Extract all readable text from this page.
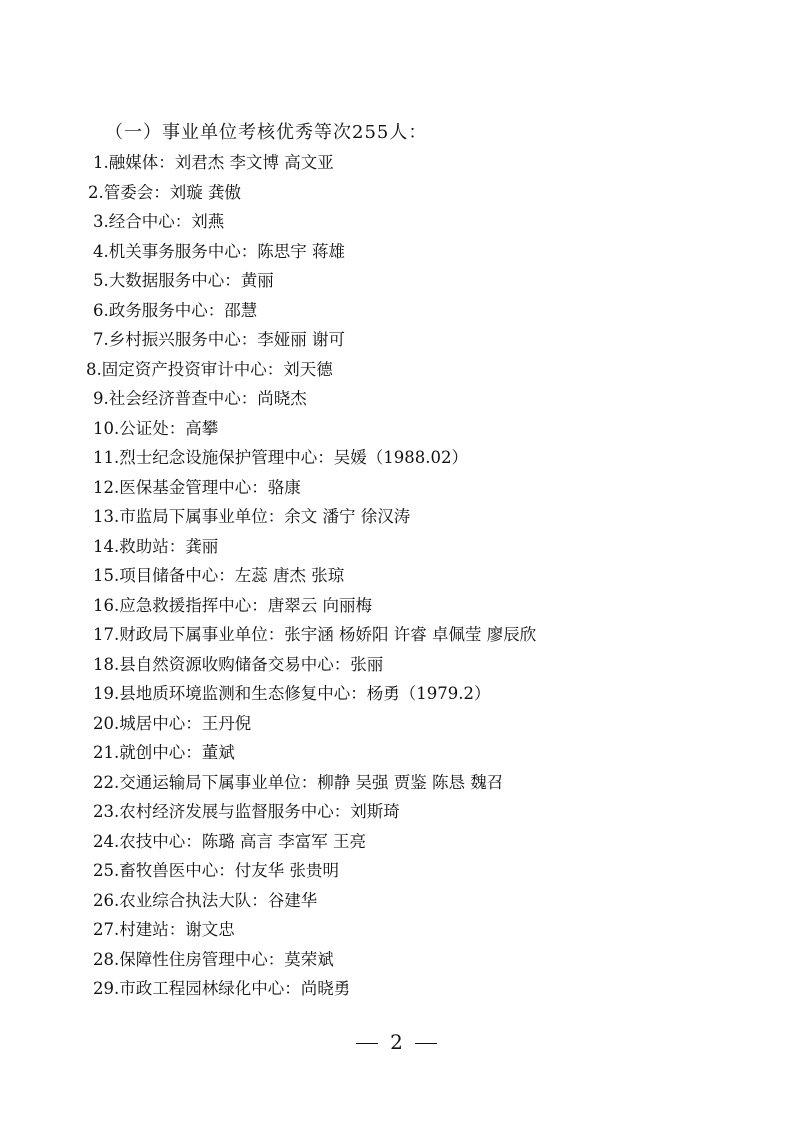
（一）事业单位考核优秀等次255人：
1.融媒体：刘君杰 李文博 高文亚
2.管委会：刘璇 龚傲
3.经合中心：刘燕
4.机关事务服务中心：陈思宇 蒋雄
5.大数据服务中心：黄丽
6.政务服务中心：邵慧
7.乡村振兴服务中心：李娅丽 谢可
8.固定资产投资审计中心：刘天德
9.社会经济普查中心：尚晓杰
10.公证处：高攀
11.烈士纪念设施保护管理中心：吴媛（1988.02）
12.医保基金管理中心：骆康
13.市监局下属事业单位：余文 潘宁 徐汉涛
14.救助站：龚丽
15.项目储备中心：左蕊 唐杰 张琼
16.应急救援指挥中心：唐翠云 向丽梅
17.财政局下属事业单位：张宇涵 杨娇阳 许睿 卓佩莹 廖辰欣
18.县自然资源收购储备交易中心：张丽
19.县地质环境监测和生态修复中心：杨勇（1979.2）
20.城居中心：王丹倪
21.就创中心：董斌
22.交通运输局下属事业单位：柳静 吴强 贾鉴 陈恳 魏召
23.农村经济发展与监督服务中心：刘斯琦
24.农技中心：陈璐 高言 李富军 王亮
25.畜牧兽医中心：付友华 张贵明
26.农业综合执法大队：谷建华
27.村建站：谢文忠
28.保障性住房管理中心：莫荣斌
29.市政工程园林绿化中心：尚晓勇
2
